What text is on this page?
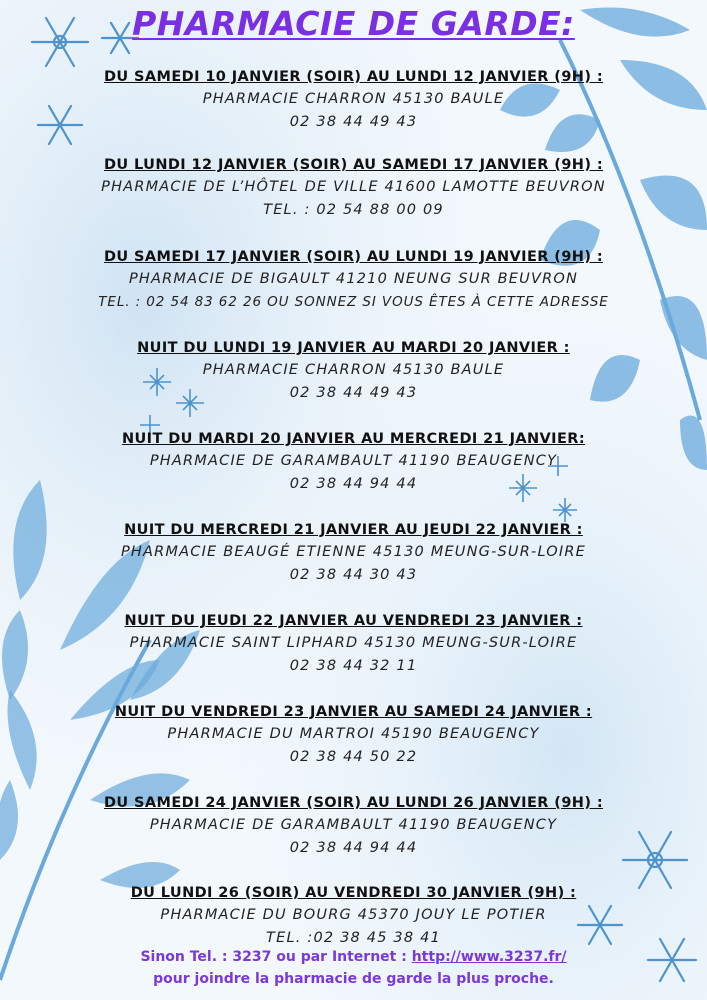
PHARMACIE DE GARDE:
DU SAMEDI 10 JANVIER (SOIR) AU LUNDI 12 JANVIER (9H) :
PHARMACIE CHARRON 45130 BAULE
02 38 44 49 43
DU LUNDI 12 JANVIER (SOIR) AU SAMEDI 17 JANVIER (9H) :
PHARMACIE DE L’HÔTEL DE VILLE 41600 LAMOTTE BEUVRON
TEL. : 02 54 88 00 09
DU SAMEDI 17 JANVIER (SOIR) AU LUNDI 19 JANVIER (9H) :
PHARMACIE DE BIGAULT 41210 NEUNG SUR BEUVRON
TEL. : 02 54 83 62 26 OU SONNEZ SI VOUS ÊTES À CETTE ADRESSE
NUIT DU LUNDI 19 JANVIER AU MARDI 20 JANVIER :
PHARMACIE CHARRON 45130 BAULE
02 38 44 49 43
NUIT DU MARDI 20 JANVIER AU MERCREDI 21 JANVIER:
PHARMACIE DE GARAMBAULT 41190 BEAUGENCY
02 38 44 94 44
NUIT DU MERCREDI 21 JANVIER AU JEUDI 22 JANVIER :
PHARMACIE BEAUGÉ ETIENNE 45130 MEUNG-SUR-LOIRE
02 38 44 30 43
NUIT DU JEUDI 22 JANVIER AU VENDREDI 23 JANVIER :
PHARMACIE SAINT LIPHARD 45130 MEUNG-SUR-LOIRE
02 38 44 32 11
NUIT DU VENDREDI 23 JANVIER AU SAMEDI 24 JANVIER :
PHARMACIE DU MARTROI 45190 BEAUGENCY
02 38 44 50 22
DU SAMEDI 24 JANVIER (SOIR) AU LUNDI 26 JANVIER (9H) :
PHARMACIE DE GARAMBAULT 41190 BEAUGENCY
02 38 44 94 44
DU LUNDI 26 (SOIR) AU VENDREDI 30 JANVIER (9H) :
PHARMACIE DU BOURG 45370 JOUY LE POTIER
TEL. :02 38 45 38 41
Sinon Tel. : 3237 ou par Internet : http://www.3237.fr/
pour joindre la pharmacie de garde la plus proche.
